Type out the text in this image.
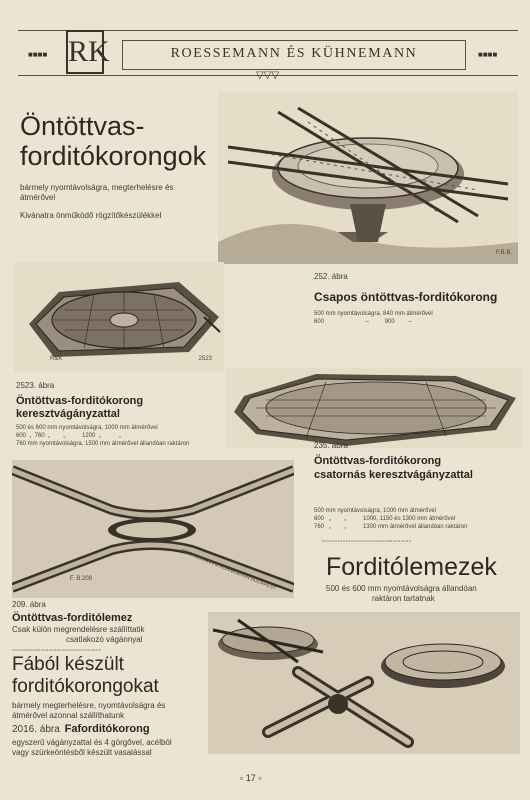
■■■■	ROESSEMANN ÉS KÜHNEMANN	■■■■
RK
▽▽▽
Öntöttvas-
forditókorongok
bármely nyomtávolságra, megterhelésre és átmérővel
Kivánatra önműködő rögzítőkészülékkel
F.B.B.
252. ábra
Csapos öntöttvas-forditókorong
500 mm nyomtávolságra, 840 mm átmérővel
600	–	900 –
R&K	2523
2523. ábra
Öntöttvas-forditókorong
keresztvágányzattal
500 és 600 mm nyomtávolságra, 1000 mm átmérővel
600  „  760  „        „          1200  „           „
760 mm nyomtávolságra, 1500 mm átmérővel állandóan raktáron	235. ábra
Öntöttvas-forditókorong
csatornás keresztvágányzattal
500 mm nyomtávolságra, 1000 mm átmérővel
600   „        „          1000, 1150 és 1300 mm átmérővel
760   „        „          1300 mm átmérővel állandóan raktáron
▫▫▫▫▫▫▫▫▫▫▫▫▫▫▫▫▫▫▫▫▫▫▫▫▫▫▫▫▫▫▫▫▫▫
F. B.209	ROESSEMANN & KÜHNEMANN BUDAPEST
209. ábra
Öntöttvas-forditólemez
Csak külön megrendelésre szállíttatik
csatlakozó vágánnyal
▫▫▫▫▫▫▫▫▫▫▫▫▫▫▫▫▫▫▫▫▫▫▫▫▫▫▫▫▫▫▫▫▫▫
Forditólemezek
500 és 600 mm nyomtávolságra állandóan
raktáron tartatnak
Fából készült
forditókorongokat
bármely megterhelésre, nyomtávolságra és
átmérővel azonnal szállíthatunk
2016. ábra Faforditókorong
egyszerű vágányzattal és 4 görgővel, acélból
vagy szürkeöntésből készült vasalással
▫ 17 ▫
